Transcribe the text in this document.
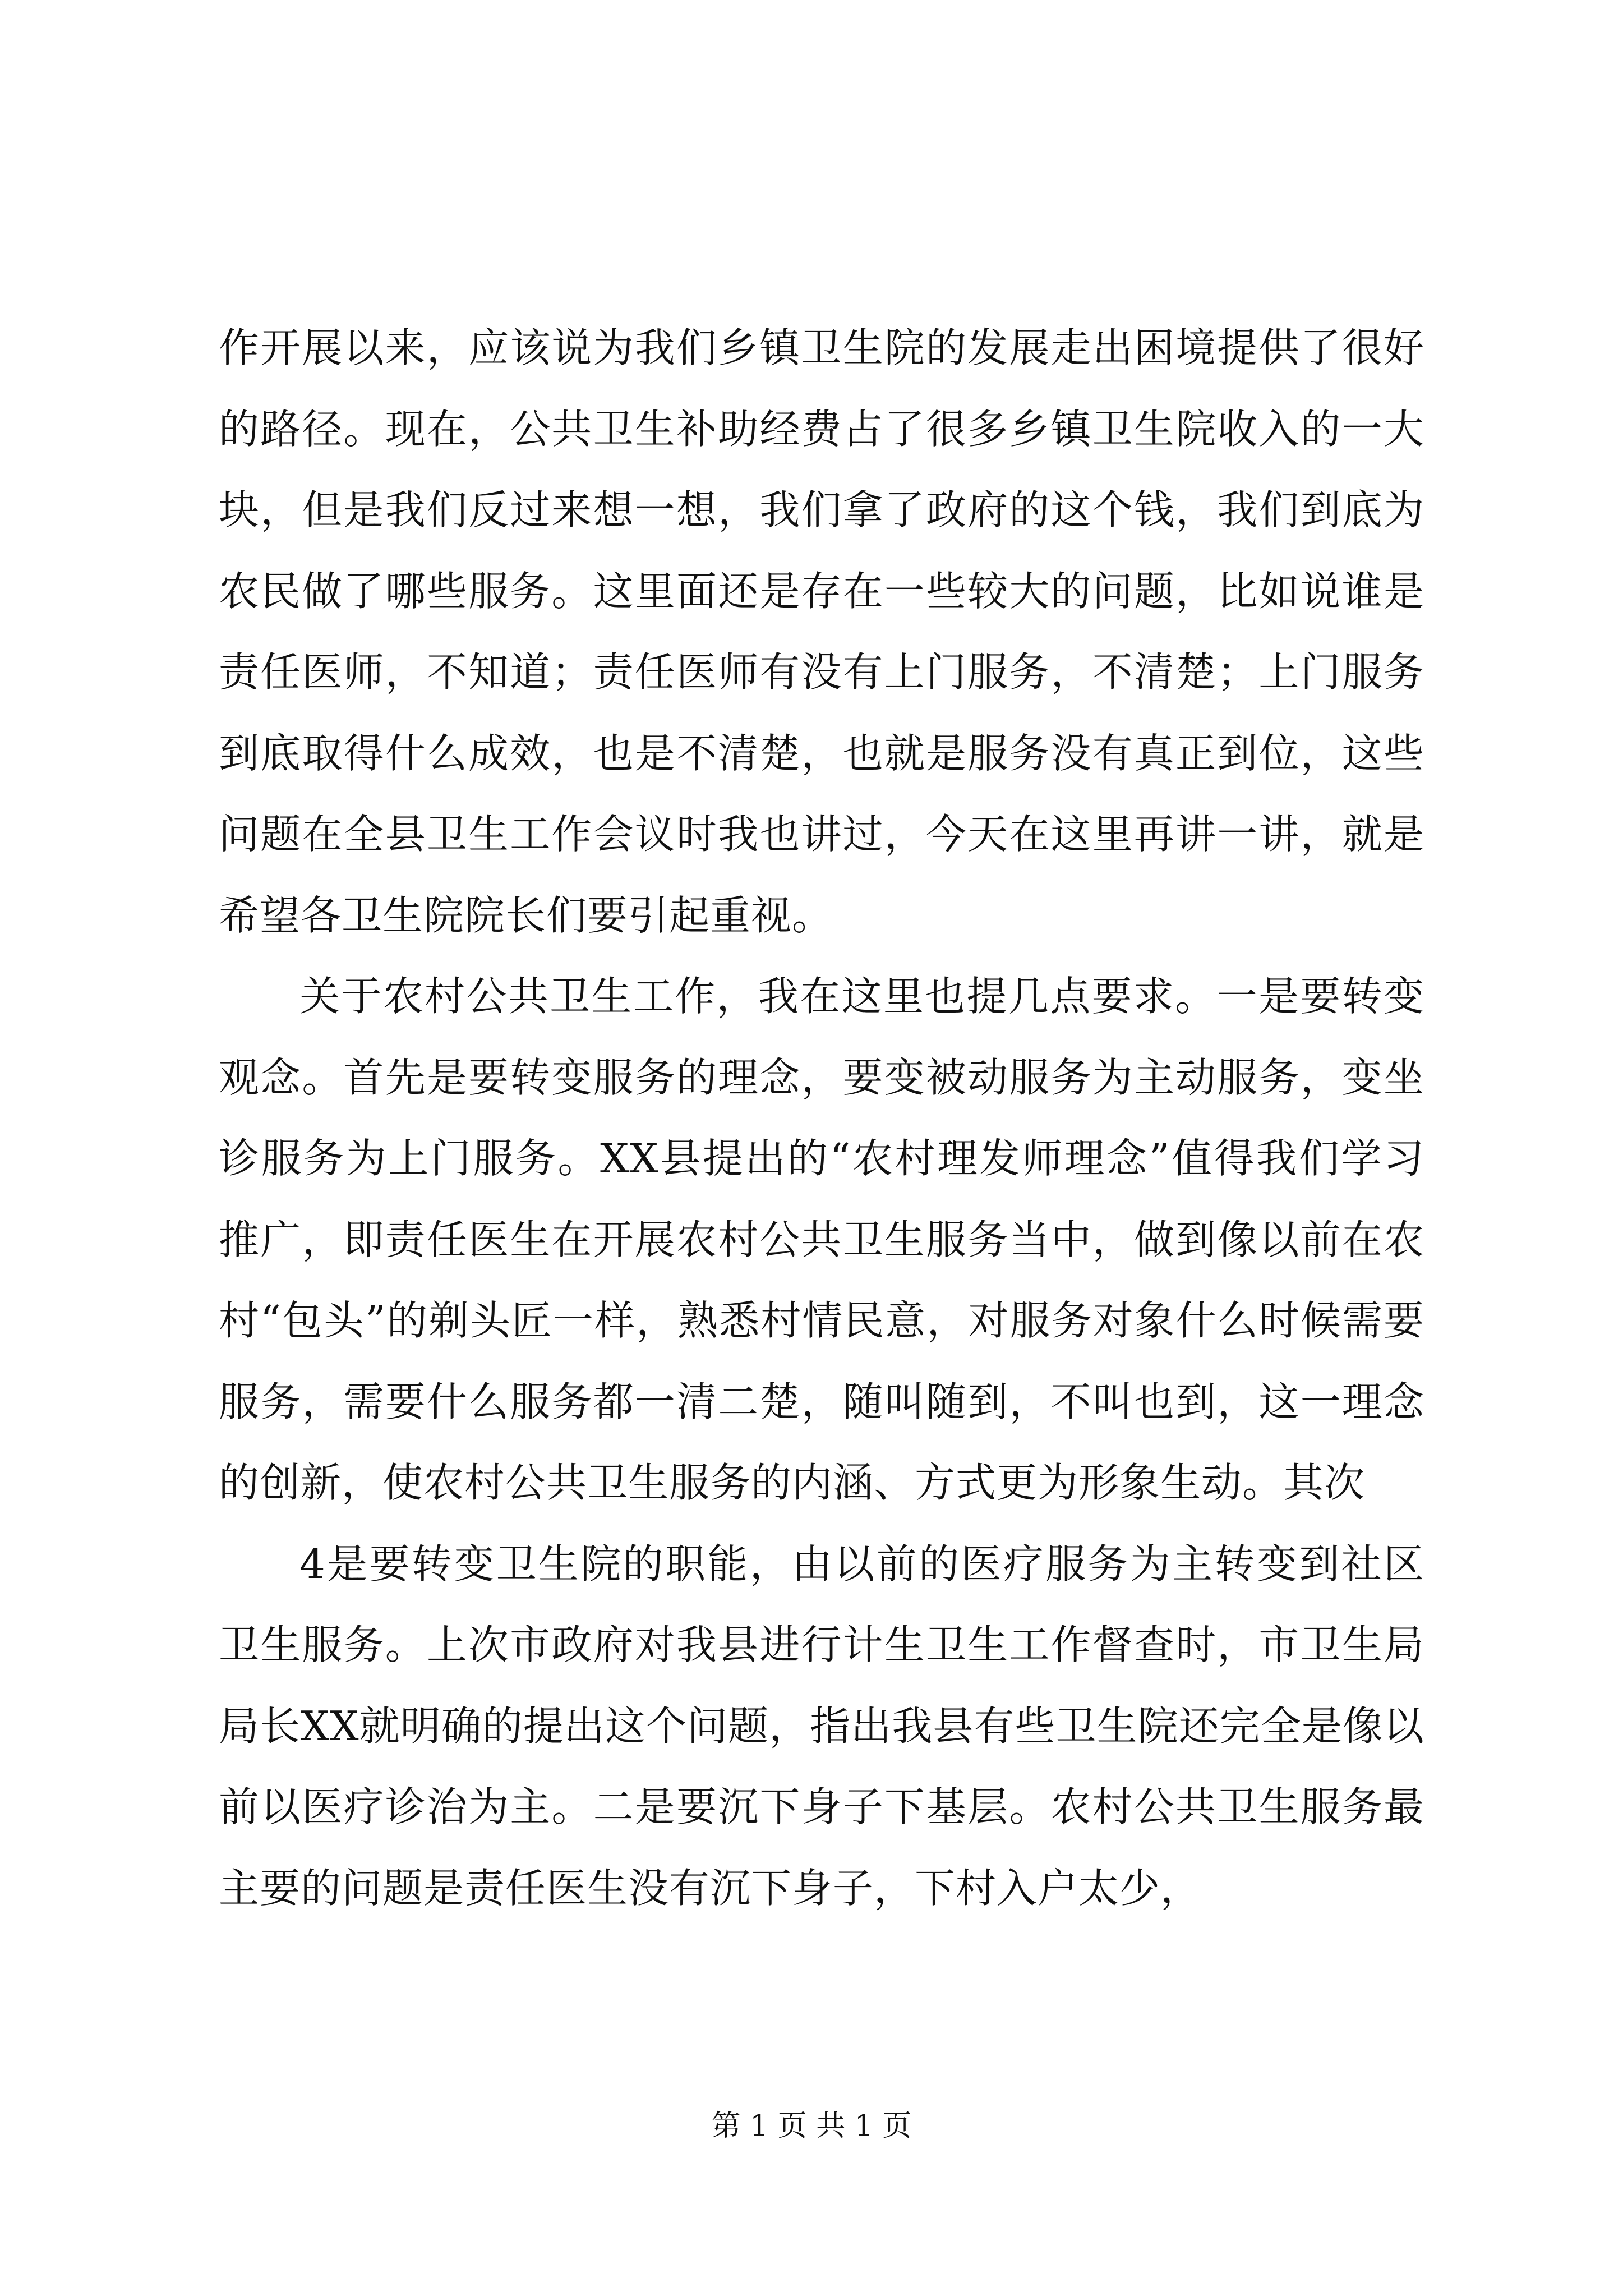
作开展以来，应该说为我们乡镇卫生院的发展走出困境提供了很好的路径。现在，公共卫生补助经费占了很多乡镇卫生院收入的一大块，但是我们反过来想一想，我们拿了政府的这个钱，我们到底为农民做了哪些服务。这里面还是存在一些较大的问题，比如说谁是责任医师，不知道；责任医师有没有上门服务，不清楚；上门服务到底取得什么成效，也是不清楚，也就是服务没有真正到位，这些问题在全县卫生工作会议时我也讲过，今天在这里再讲一讲，就是希望各卫生院院长们要引起重视。

关于农村公共卫生工作，我在这里也提几点要求。一是要转变观念。首先是要转变服务的理念，要变被动服务为主动服务，变坐诊服务为上门服务。XX县提出的“农村理发师理念”值得我们学习推广，即责任医生在开展农村公共卫生服务当中，做到像以前在农村“包头”的剃头匠一样，熟悉村情民意，对服务对象什么时候需要服务，需要什么服务都一清二楚，随叫随到，不叫也到，这一理念的创新，使农村公共卫生服务的内涵、方式更为形象生动。其次

4是要转变卫生院的职能，由以前的医疗服务为主转变到社区卫生服务。上次市政府对我县进行计生卫生工作督查时，市卫生局局长XX就明确的提出这个问题，指出我县有些卫生院还完全是像以前以医疗诊治为主。二是要沉下身子下基层。农村公共卫生服务最主要的问题是责任医生没有沉下身子，下村入户太少，

第 1 页 共 1 页
